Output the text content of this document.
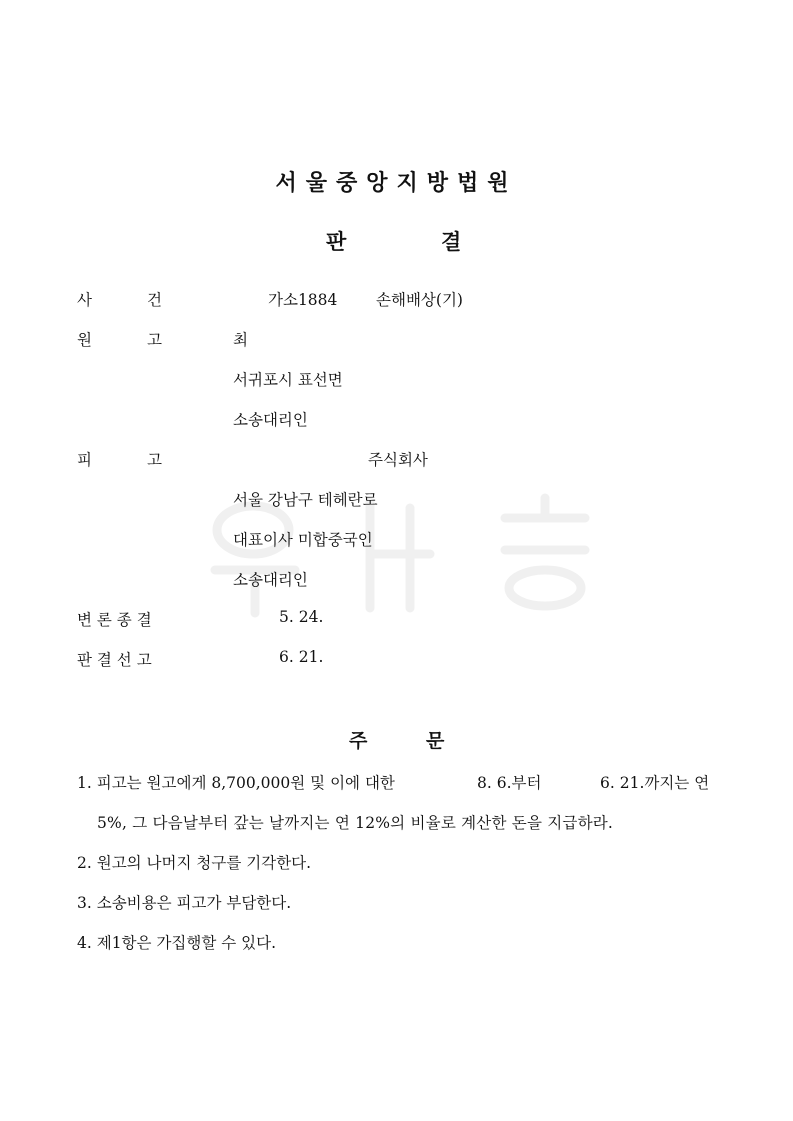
서울중앙지방법원
판	결
사	건	가소1884 손해배상(기)
원	고	최
서귀포시 표선면
소송대리인
피	고	주식회사
서울 강남구 테헤란로
대표이사 미합중국인
소송대리인
변 론 종 결	5. 24.
판 결 선 고	6. 21.
주	문
1. 피고는 원고에게 8,700,000원 및 이에 대한	8. 6.부터	6. 21.까지는 연
5%, 그 다음날부터 갚는 날까지는 연 12%의 비율로 계산한 돈을 지급하라.
2. 원고의 나머지 청구를 기각한다.
3. 소송비용은 피고가 부담한다.
4. 제1항은 가집행할 수 있다.
